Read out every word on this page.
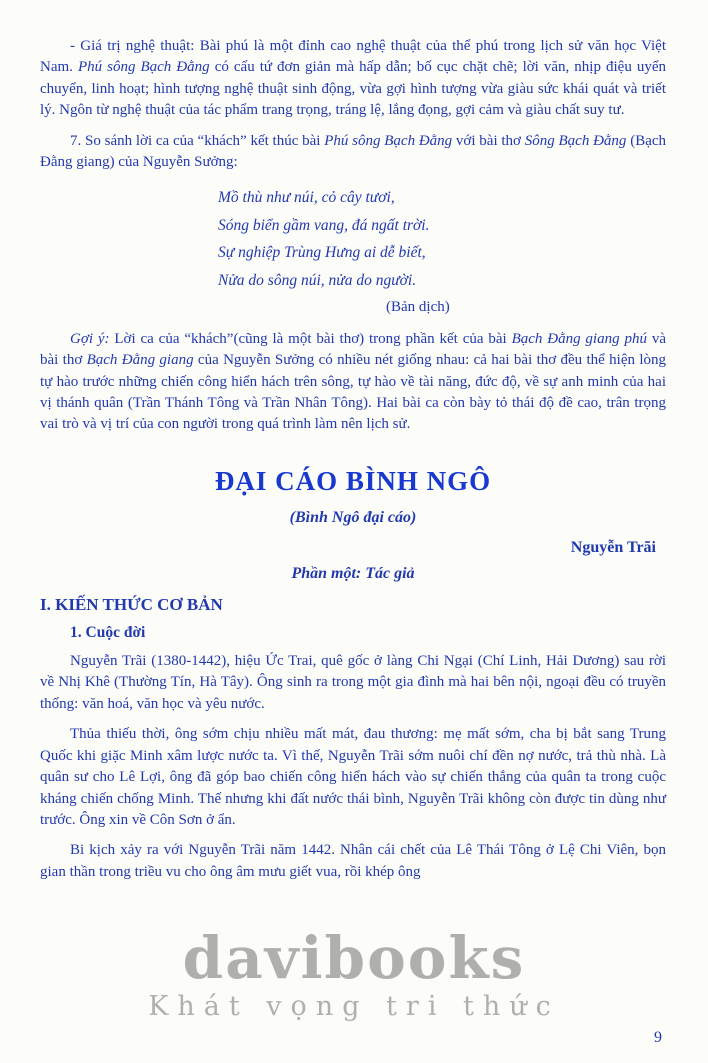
- Giá trị nghệ thuật: Bài phú là một đỉnh cao nghệ thuật của thể phú trong lịch sử văn học Việt Nam. Phú sông Bạch Đằng có cấu tứ đơn giản mà hấp dẫn; bố cục chặt chẽ; lời văn, nhịp điệu uyển chuyển, linh hoạt; hình tượng nghệ thuật sinh động, vừa gợi hình tượng vừa giàu sức khái quát và triết lý. Ngôn từ nghệ thuật của tác phẩm trang trọng, tráng lệ, lắng đọng, gợi cảm và giàu chất suy tư.

7. So sánh lời ca của “khách” kết thúc bài Phú sông Bạch Đằng với bài thơ Sông Bạch Đằng (Bạch Đằng giang) của Nguyễn Sưởng:

Mồ thù như núi, cỏ cây tươi,
Sóng biển gầm vang, đá ngất trời.
Sự nghiệp Trùng Hưng ai dễ biết,
Nửa do sông núi, nửa do người.
(Bản dịch)

Gợi ý: Lời ca của “khách”(cũng là một bài thơ) trong phần kết của bài Bạch Đằng giang phú và bài thơ Bạch Đằng giang của Nguyễn Sưởng có nhiều nét giống nhau: cả hai bài thơ đều thể hiện lòng tự hào trước những chiến công hiển hách trên sông, tự hào về tài năng, đức độ, về sự anh minh của hai vị thánh quân (Trần Thánh Tông và Trần Nhân Tông). Hai bài ca còn bày tỏ thái độ đề cao, trân trọng vai trò và vị trí của con người trong quá trình làm nên lịch sử.

ĐẠI CÁO BÌNH NGÔ
(Bình Ngô đại cáo)
Nguyễn Trãi
Phần một: Tác giả
I. KIẾN THỨC CƠ BẢN
1. Cuộc đời

Nguyễn Trãi (1380-1442), hiệu Ức Trai, quê gốc ở làng Chi Ngại (Chí Linh, Hải Dương) sau rời về Nhị Khê (Thường Tín, Hà Tây). Ông sinh ra trong một gia đình mà hai bên nội, ngoại đều có truyền thống: văn hoá, văn học và yêu nước.

Thủa thiếu thời, ông sớm chịu nhiều mất mát, đau thương: mẹ mất sớm, cha bị bắt sang Trung Quốc khi giặc Minh xâm lược nước ta. Vì thế, Nguyễn Trãi sớm nuôi chí đền nợ nước, trả thù nhà. Là quân sư cho Lê Lợi, ông đã góp bao chiến công hiển hách vào sự chiến thắng của quân ta trong cuộc kháng chiến chống Minh. Thế nhưng khi đất nước thái bình, Nguyễn Trãi không còn được tin dùng như trước. Ông xin về Côn Sơn ở ẩn.

Bi kịch xảy ra với Nguyễn Trãi năm 1442. Nhân cái chết của Lê Thái Tông ở Lệ Chi Viên, bọn gian thần trong triều vu cho ông âm mưu giết vua, rồi khép ông

davibooks
Khát vọng tri thức
9
